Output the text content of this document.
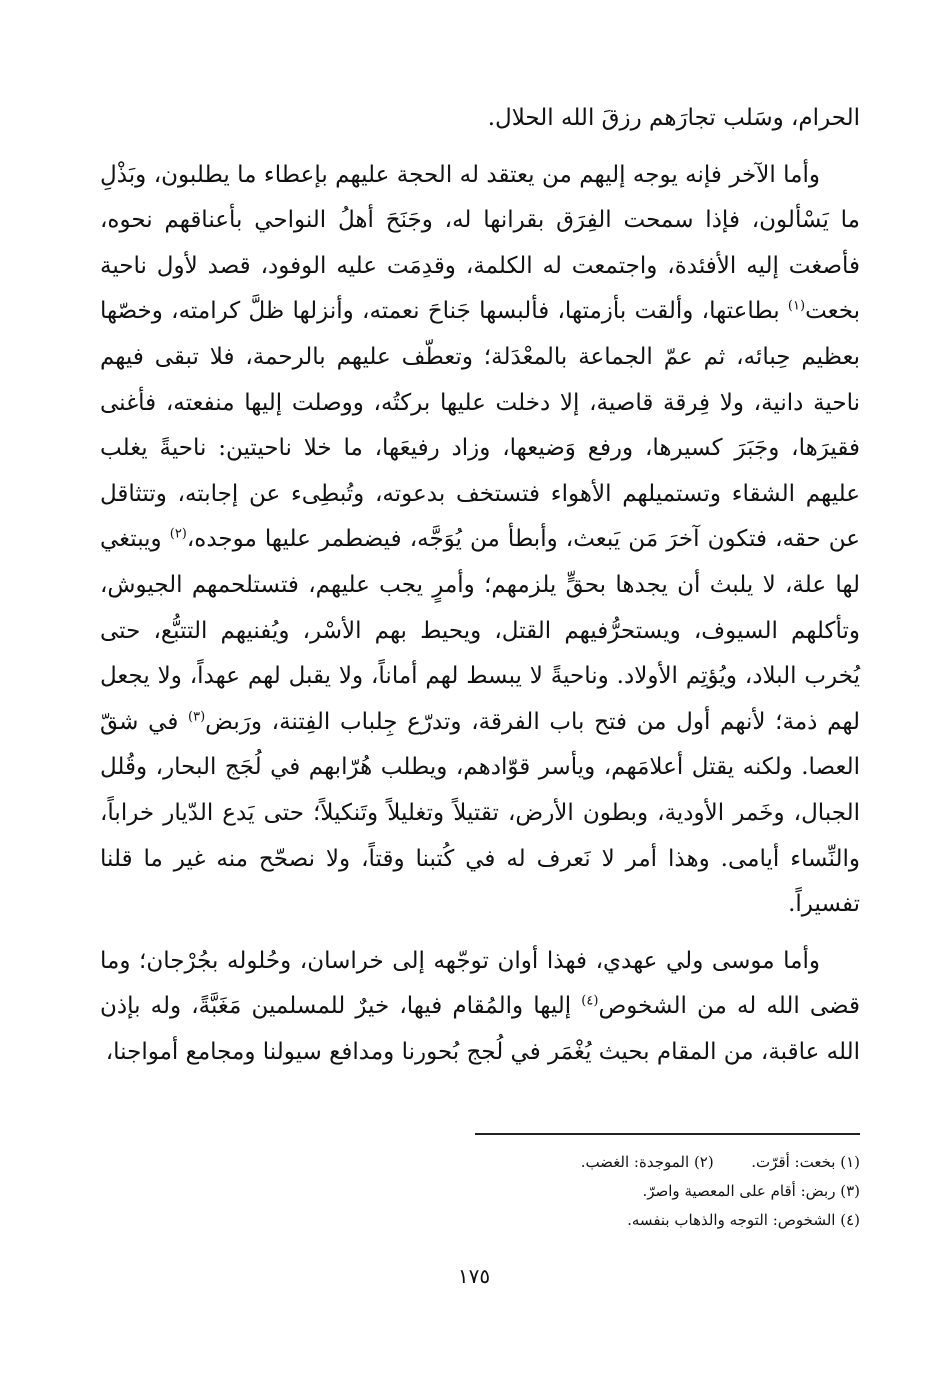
الحرام، وسَلب تجارَهم رزقَ الله الحلال.

وأما الآخر فإنه يوجه إليهم من يعتقد له الحجة عليهم بإعطاء ما يطلبون، وبَذْلِ ما يَسْألون، فإذا سمحت الفِرَق بقرانها له، وجَنَحَ أهلُ النواحي بأعناقهم نحوه، فأصغت إليه الأفئدة، واجتمعت له الكلمة، وقدِمَت عليه الوفود، قصد لأول ناحية بخعت$^{(١)}$ بطاعتها، وألقت بأزمتها، فألبسها جَناحَ نعمته، وأنزلها ظلَّ كرامته، وخصّها بعظيم حِبائه، ثم عمّ الجماعة بالمعْدَلة؛ وتعطّف عليهم بالرحمة، فلا تبقى فيهم ناحية دانية، ولا فِرقة قاصية، إلا دخلت عليها بركتُه، ووصلت إليها منفعته، فأغنى فقيرَها، وجَبَرَ كسيرها، ورفع وَضيعها، وزاد رفيعَها، ما خلا ناحيتين: ناحيةً يغلب عليهم الشقاء وتستميلهم الأهواء فتستخف بدعوته، وتُبطِىء عن إجابته، وتتثاقل عن حقه، فتكون آخرَ مَن يَبعث، وأبطأ من يُوَجَّه، فيضطمر عليها موجده،$^{(٢)}$ ويبتغي لها علة، لا يلبث أن يجدها بحقٍّ يلزمهم؛ وأمرٍ يجب عليهم، فتستلحمهم الجيوش، وتأكلهم السيوف، ويستحرُّفيهم القتل، ويحيط بهم الأسْر، ويُفنيهم التتبُّع، حتى يُخرب البلاد، ويُؤتِم الأولاد. وناحيةً لا يبسط لهم أماناً، ولا يقبل لهم عهداً، ولا يجعل لهم ذمة؛ لأنهم أول من فتح باب الفرقة، وتدرّع جِلباب الفِتنة، ورَبض$^{(٣)}$ في شقّ العصا. ولكنه يقتل أعلامَهم، ويأسر قوّادهم، ويطلب هُرّابهم في لُجَج البحار، وقُلل الجبال، وخَمر الأودية، وبطون الأرض، تقتيلاً وتغليلاً وتَنكيلاً؛ حتى يَدع الدّيار خراباً، والنِّساء أيامى. وهذا أمر لا نَعرف له في كُتبنا وقتاً، ولا نصحّح منه غير ما قلنا تفسيراً.

وأما موسى ولي عهدي، فهذا أوان توجّهه إلى خراسان، وحُلوله بجُرْجان؛ وما قضى الله له من الشخوص$^{(٤)}$ إليها والمُقام فيها، خيرٌ للمسلمين مَغَبَّةً، وله بإذن الله عاقبة، من المقام بحيث يُغْمَر في لُجج بُحورنا ومدافع سيولنا ومجامع أمواجنا،

(١) بخعت: أقرّت.  (٢) الموجدة: الغضب.
(٣) ربض: أقام على المعصية واصرّ.
(٤) الشخوص: التوجه والذهاب بنفسه.
١٧٥
